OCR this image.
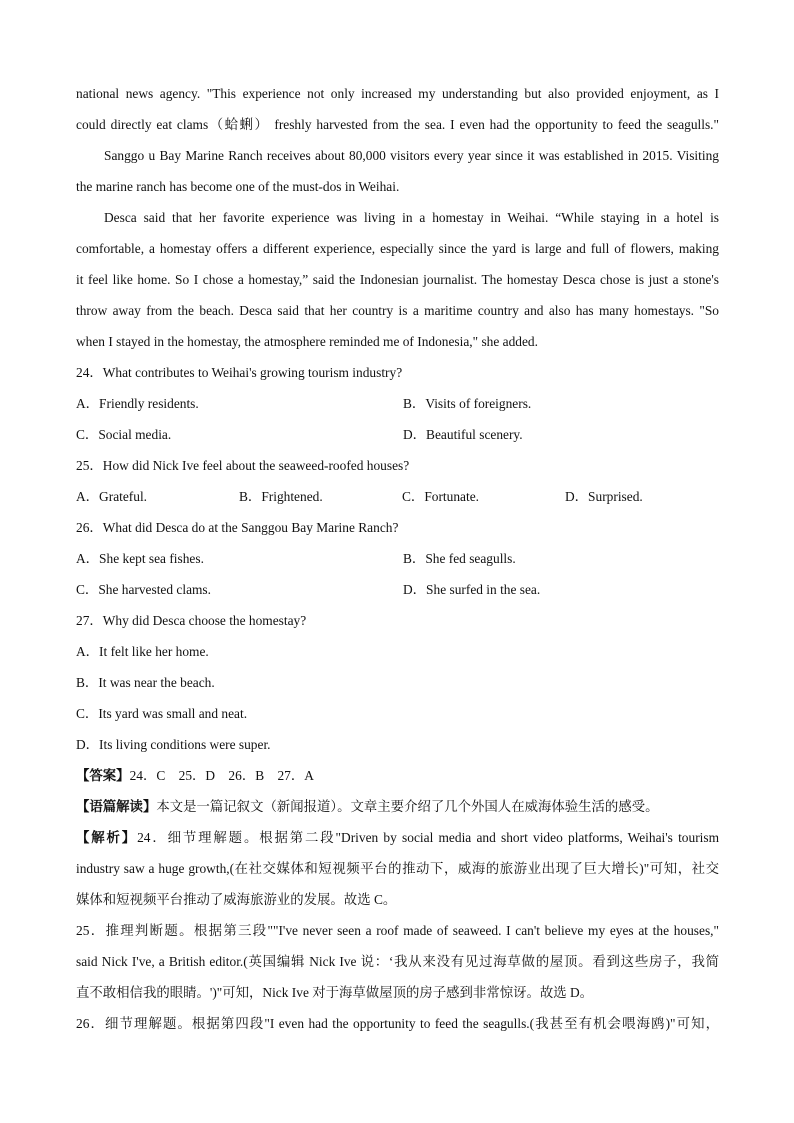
national news agency. "This experience not only increased my understanding but also provided enjoyment, as I
could directly eat clams（蛤蜊） freshly harvested from the sea. I even had the opportunity to feed the seagulls."
Sanggo u Bay Marine Ranch receives about 80,000 visitors every year since it was established in 2015. Visiting
the marine ranch has become one of the must-dos in Weihai.
Desca said that her favorite experience was living in a homestay in Weihai. “While staying in a hotel is
comfortable, a homestay offers a different experience, especially since the yard is large and full of flowers, making
it feel like home. So I chose a homestay,” said the Indonesian journalist. The homestay Desca chose is just a stone's
throw away from the beach. Desca said that her country is a maritime country and also has many homestays. "So
when I stayed in the homestay, the atmosphere reminded me of Indonesia," she added.
24．What contributes to Weihai's growing tourism industry?
A．Friendly residents.	B．Visits of foreigners.
C．Social media.	D．Beautiful scenery.
25．How did Nick Ive feel about the seaweed-roofed houses?
A．Grateful.	B．Frightened.	C．Fortunate.	D．Surprised.
26．What did Desca do at the Sanggou Bay Marine Ranch?
A．She kept sea fishes.	B．She fed seagulls.
C．She harvested clams.	D．She surfed in the sea.
27．Why did Desca choose the homestay?
A．It felt like her home.
B．It was near the beach.
C．Its yard was small and neat.
D．Its living conditions were super.
【答案】24．C 25．D 26．B 27．A
【语篇解读】本文是一篇记叙文（新闻报道）。文章主要介绍了几个外国人在威海体验生活的感受。
【解析】24．细节理解题。根据第二段"Driven by social media and short video platforms, Weihai's tourism
industry saw a huge growth,(在社交媒体和短视频平台的推动下，威海的旅游业出现了巨大增长)"可知，社交
媒体和短视频平台推动了威海旅游业的发展。故选 C。
25．推理判断题。根据第三段""I've never seen a roof made of seaweed. I can't believe my eyes at the houses,"
said Nick I've, a British editor.(英国编辑 Nick Ive 说：‘我从来没有见过海草做的屋顶。看到这些房子，我简
直不敢相信我的眼睛。')"可知，Nick Ive 对于海草做屋顶的房子感到非常惊讶。故选 D。
26．细节理解题。根据第四段"I even had the opportunity to feed the seagulls.(我甚至有机会喂海鸥)"可知，
